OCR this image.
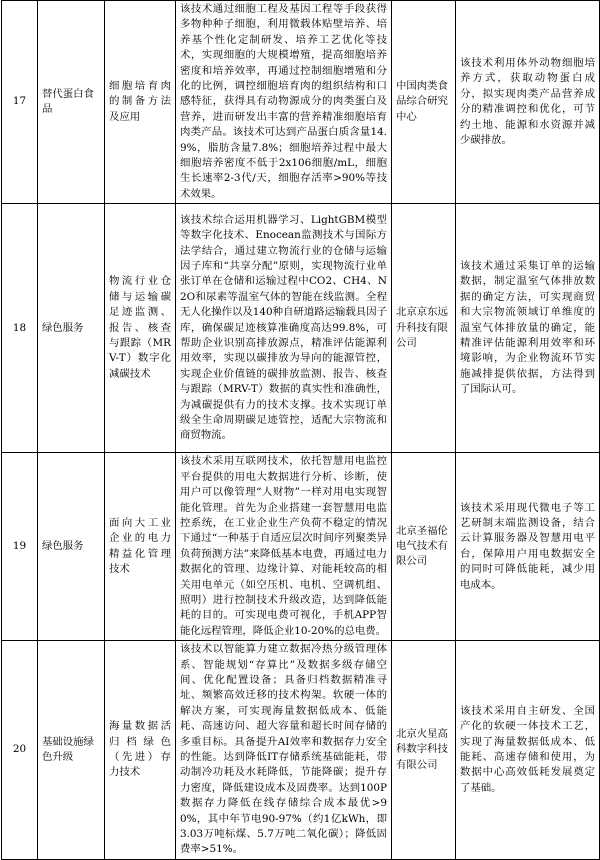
17	替代蛋白食品	细胞培育肉的制备方法及应用	该技术通过细胞工程及基因工程等手段获得多物种种子细胞，利用微载体贴壁培养、培养基个性化定制研发、培养工艺优化等技术，实现细胞的大规模增殖，提高细胞培养密度和培养效率，再通过控制细胞增殖和分化的比例，调控细胞培育肉的组织结构和口感特征，获得具有动物源成分的肉类蛋白及营养，进而研发出丰富的营养精准细胞培育肉类产品。该技术可达到产品蛋白质含量14.9%，脂肪含量7.8%；细胞培养过程中最大细胞培养密度不低于2x106细胞/mL，细胞生长速率2-3代/天，细胞存活率>90%等技术效果。	中国肉类食品综合研究中心	该技术利用体外动物细胞培养方式，获取动物蛋白成分，拟实现肉类产品营养成分的精准调控和优化，可节约土地、能源和水资源并减少碳排放。
18	绿色服务	物流行业仓储与运输碳足迹监测、报告、核查与跟踪（MRV-T）数字化减碳技术	该技术综合运用机器学习、LightGBM模型等数字化技术、Enocean监测技术与国际方法学结合，通过建立物流行业的仓储与运输因子库和“共享分配”原则，实现物流行业单张订单在仓储和运输过程中CO2、CH4、N2O和尿素等温室气体的智能在线监测。全程无人化操作以及140种自研道路运输载具因子库，确保碳足迹核算准确度高达99.8%，可帮助企业识别高排放源点，精准评估能源利用效率，实现以碳排放为导向的能源管控，实现企业价值链的碳排放监测、报告、核查与跟踪（MRV-T）数据的真实性和准确性，为减碳提供有力的技术支撑。技术实现订单级全生命周期碳足迹管控，适配大宗物流和商贸物流。	北京京东远升科技有限公司	该技术通过采集订单的运输数据，制定温室气体排放数据的确定方法，可实现商贸和大宗物流领域订单维度的温室气体排放量的确定，能精准评估能源利用效率和环境影响，为企业物流环节实施减排提供依据，方法得到了国际认可。
19	绿色服务	面向大工业企业的电力精益化管理技术	该技术采用互联网技术，依托智慧用电监控平台提供的用电大数据进行分析、诊断，使用户可以像管理“人财物”一样对用电实现智能化管理。首先为企业搭建一套智慧用电监控系统，在工业企业生产负荷不稳定的情况下通过“一种基于自适应层次时间序列聚类异负荷预测方法”来降低基本电费，再通过电力数据化的管理、边缘计算、对能耗较高的相关用电单元（如空压机、电机、空调机组、照明）进行控制技术升级改造，达到降低能耗的目的。可实现电费可视化，手机APP智能化远程管理，降低企业10-20%的总电费。	北京圣福伦电气技术有限公司	该技术采用现代微电子等工艺研制末端监测设备，结合云计算服务器及智慧用电平台，保障用户用电数据安全的同时可降低能耗，减少用电成本。
20	基础设施绿色升级	海量数据活归档绿色（先进）存力技术	该技术以智能算力建立数据冷热分级管理体系、智能规划“存算比”及数据多级存储空间、优化配置设备；具备归档数据精准寻址、频繁高效迁移的技术构架。软硬一体的解决方案，可实现海量数据低成本、低能耗、高速访问、超大容量和超长时间存储的多重目标。具备提升AI效率和数据存力安全的性能。达到降低IT存储系统基础能耗，带动制冷功耗及水耗降低，节能降碳；提升存力密度，降低建设成本及固费率。达到100P数据存力降低在线存储综合成本最优>90%，其中年节电90-97%（约1亿kWh，即3.03万吨标煤、5.7万吨二氧化碳）；降低固费率>51%。	北京火星高科数字科技有限公司	该技术采用自主研发、全国产化的软硬一体技术工艺，实现了海量数据低成本、低能耗、高速存储和使用，为数据中心高效低耗发展奠定了基础。
